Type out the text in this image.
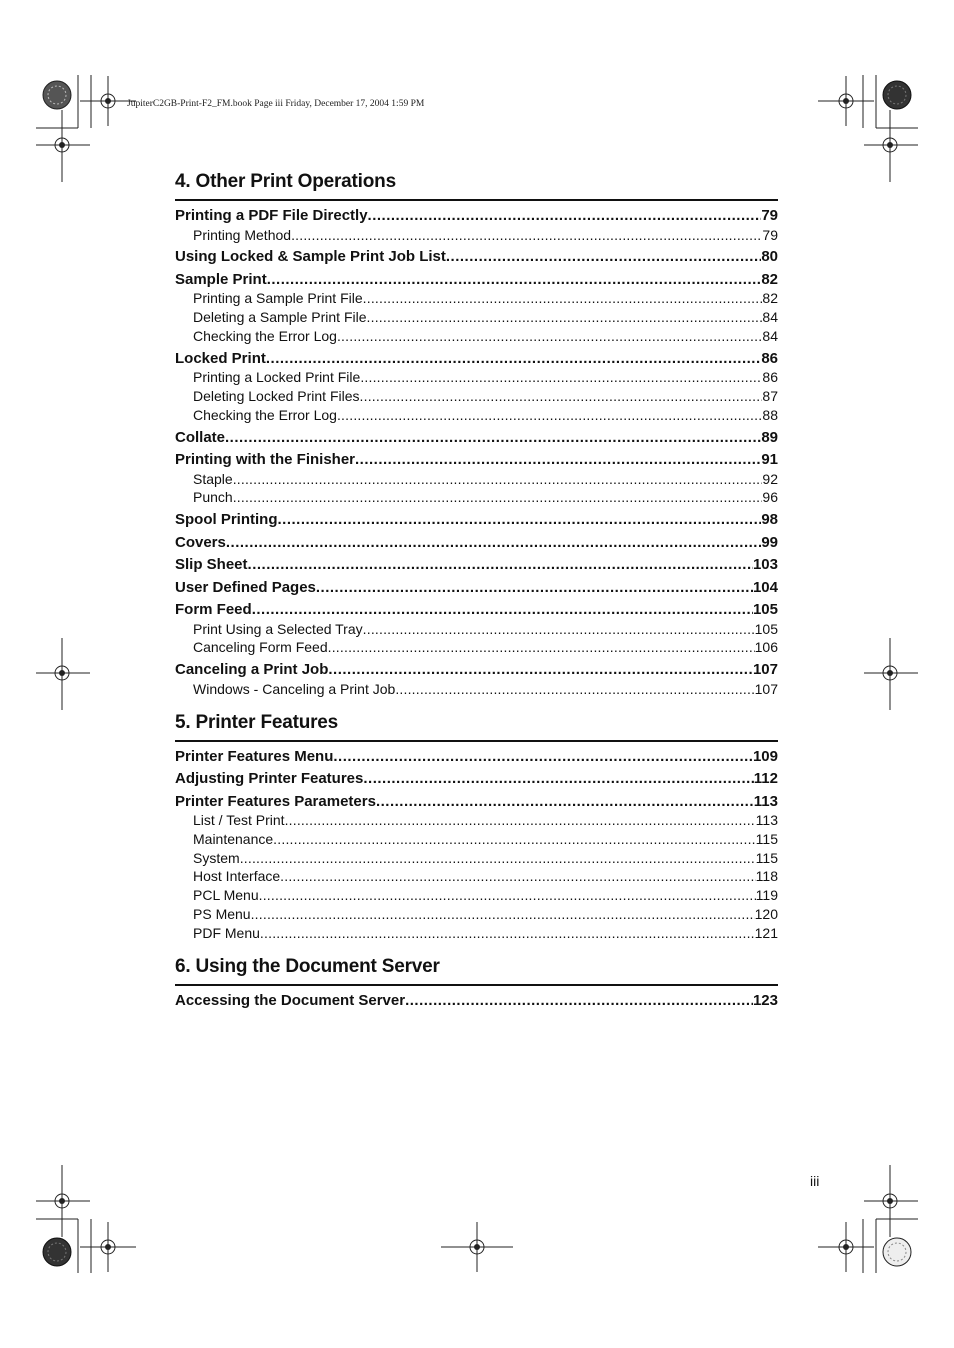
JupiterC2GB-Print-F2_FM.book Page iii Friday, December 17, 2004 1:59 PM
4. Other Print Operations
Printing a PDF File Directly .....	79
Printing Method .....	79
Using Locked & Sample Print Job List .....	80
Sample Print .....	82
Printing a Sample Print File .....	82
Deleting a Sample Print File .....	84
Checking the Error Log .....	84
Locked Print .....	86
Printing a Locked Print File .....	86
Deleting Locked Print Files .....	87
Checking the Error Log .....	88
Collate .....	89
Printing with the Finisher .....	91
Staple .....	92
Punch .....	96
Spool Printing .....	98
Covers .....	99
Slip Sheet .....	103
User Defined Pages .....	104
Form Feed .....	105
Print Using a Selected Tray .....	105
Canceling Form Feed .....	106
Canceling a Print Job .....	107
Windows - Canceling a Print Job .....	107
5. Printer Features
Printer Features Menu .....	109
Adjusting Printer Features .....	112
Printer Features Parameters .....	113
List / Test Print .....	113
Maintenance .....	115
System .....	115
Host Interface .....	118
PCL Menu .....	119
PS Menu .....	120
PDF Menu .....	121
6. Using the Document Server
Accessing the Document Server .....	123
iii
